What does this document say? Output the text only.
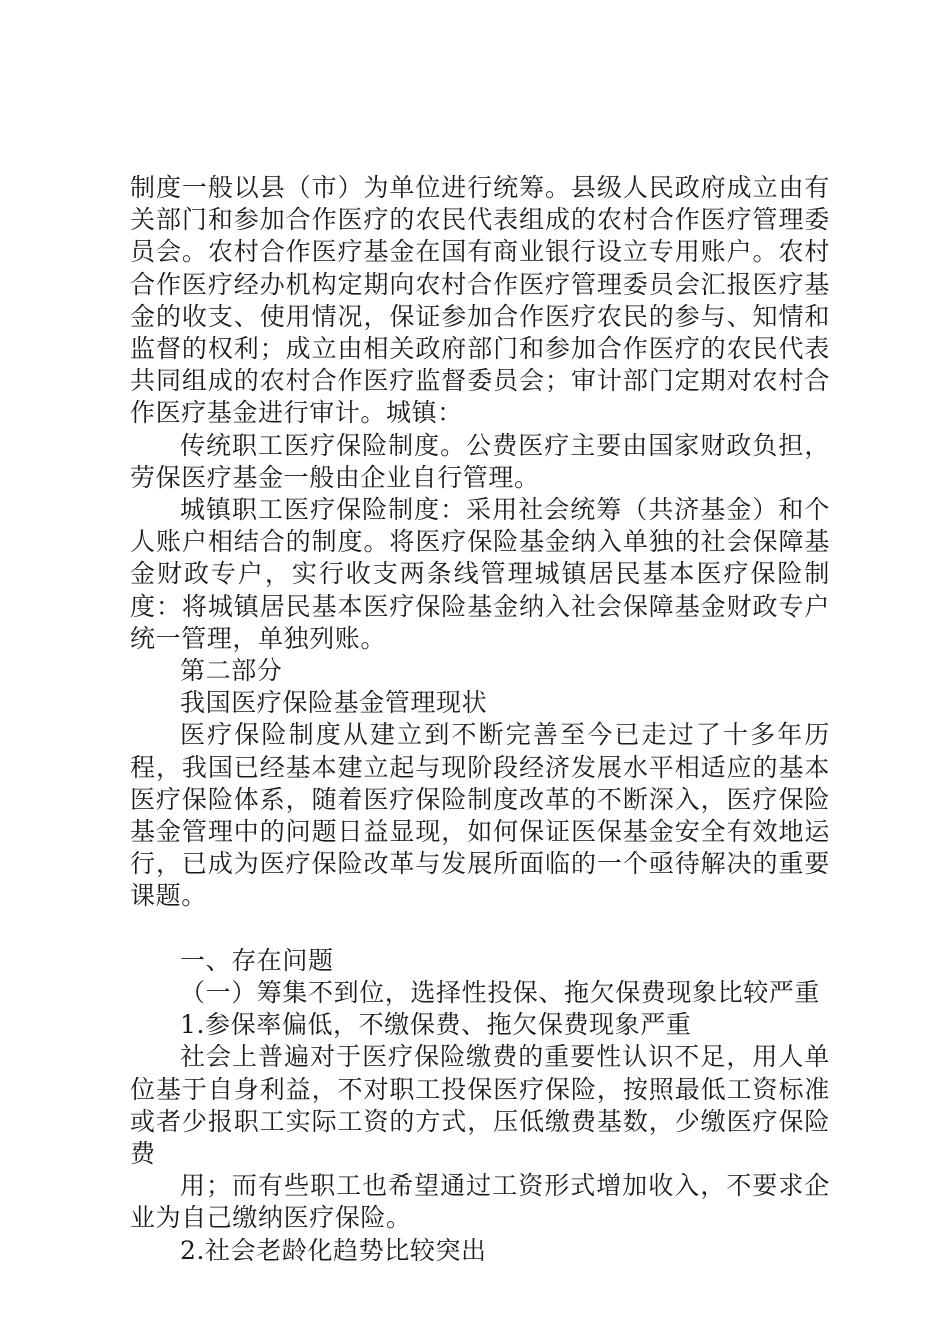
制度一般以县（市）为单位进行统筹。县级人民政府成立由有关部门和参加合作医疗的农民代表组成的农村合作医疗管理委员会。农村合作医疗基金在国有商业银行设立专用账户。农村合作医疗经办机构定期向农村合作医疗管理委员会汇报医疗基金的收支、使用情况，保证参加合作医疗农民的参与、知情和监督的权利；成立由相关政府部门和参加合作医疗的农民代表共同组成的农村合作医疗监督委员会；审计部门定期对农村合作医疗基金进行审计。城镇：

传统职工医疗保险制度。公费医疗主要由国家财政负担，劳保医疗基金一般由企业自行管理。

城镇职工医疗保险制度：采用社会统筹（共济基金）和个人账户相结合的制度。将医疗保险基金纳入单独的社会保障基金财政专户，实行收支两条线管理城镇居民基本医疗保险制度：将城镇居民基本医疗保险基金纳入社会保障基金财政专户统一管理，单独列账。

第二部分

我国医疗保险基金管理现状

医疗保险制度从建立到不断完善至今已走过了十多年历程，我国已经基本建立起与现阶段经济发展水平相适应的基本医疗保险体系，随着医疗保险制度改革的不断深入，医疗保险基金管理中的问题日益显现，如何保证医保基金安全有效地运行，已成为医疗保险改革与发展所面临的一个亟待解决的重要课题。

一、存在问题

（一）筹集不到位，选择性投保、拖欠保费现象比较严重

1.参保率偏低，不缴保费、拖欠保费现象严重

社会上普遍对于医疗保险缴费的重要性认识不足，用人单位基于自身利益，不对职工投保医疗保险，按照最低工资标准或者少报职工实际工资的方式，压低缴费基数，少缴医疗保险费

用；而有些职工也希望通过工资形式增加收入，不要求企业为自己缴纳医疗保险。

2.社会老龄化趋势比较突出
